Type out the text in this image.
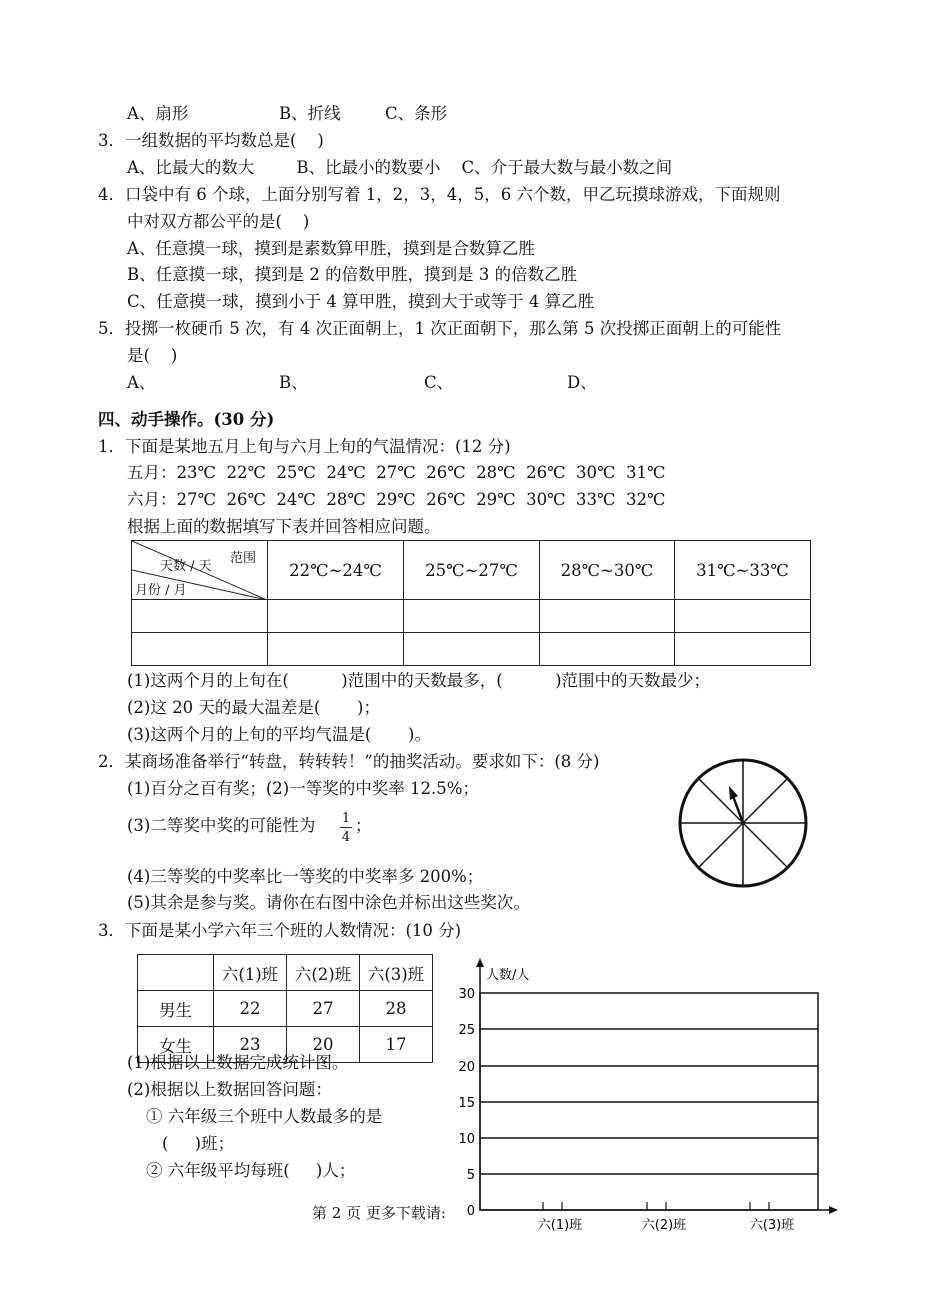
A、扇形	B、折线	C、条形
3．一组数据的平均数总是(    )
A、比最大的数大        B、比最小的数要小    C、介于最大数与最小数之间
4．口袋中有 6 个球，上面分别写着 1，2，3，4，5，6 六个数，甲乙玩摸球游戏，下面规则
中对双方都公平的是(    )
A、任意摸一球，摸到是素数算甲胜，摸到是合数算乙胜
B、任意摸一球，摸到是 2 的倍数甲胜，摸到是 3 的倍数乙胜
C、任意摸一球，摸到小于 4 算甲胜，摸到大于或等于 4 算乙胜
5．投掷一枚硬币 5 次，有 4 次正面朝上，1 次正面朝下，那么第 5 次投掷正面朝上的可能性
是(    )
A、	B、	C、	D、
四、动手操作。(30 分)
1．下面是某地五月上旬与六月上旬的气温情况：(12 分)
五月：23℃  22℃  25℃  24℃  27℃  26℃  28℃  26℃  30℃  31℃
六月：27℃  26℃  24℃  28℃  29℃  26℃  29℃  30℃  33℃  32℃
根据上面的数据填写下表并回答相应问题。
范围
天数 / 天
月份 / 月	22℃~24℃	25℃~27℃	28℃~30℃	31℃~33℃

(1)这两个月的上旬在(          )范围中的天数最多，(          )范围中的天数最少；
(2)这 20 天的最大温差是(       )；
(3)这两个月的上旬的平均气温是(       )。
2．某商场准备举行“转盘，转转转！”的抽奖活动。要求如下：(8 分)
(1)百分之百有奖；(2)一等奖的中奖率 12.5%；
(3)二等奖中奖的可能性为 1
4
；
(4)三等奖的中奖率比一等奖的中奖率多 200%；
(5)其余是参与奖。请你在右图中涂色并标出这些奖次。
3．下面是某小学六年三个班的人数情况：(10 分)
	六(1)班	六(2)班	六(3)班
男生	22	27	28
女生	23	20	17
(1)根据以上数据完成统计图。
(2)根据以上数据回答问题：
① 六年级三个班中人数最多的是
(     )班；
② 六年级平均每班(     )人；
人数/人
30
25
20
15
10
5
0
六(1)班	六(2)班	六(3)班
第 2 页 更多下载请:
